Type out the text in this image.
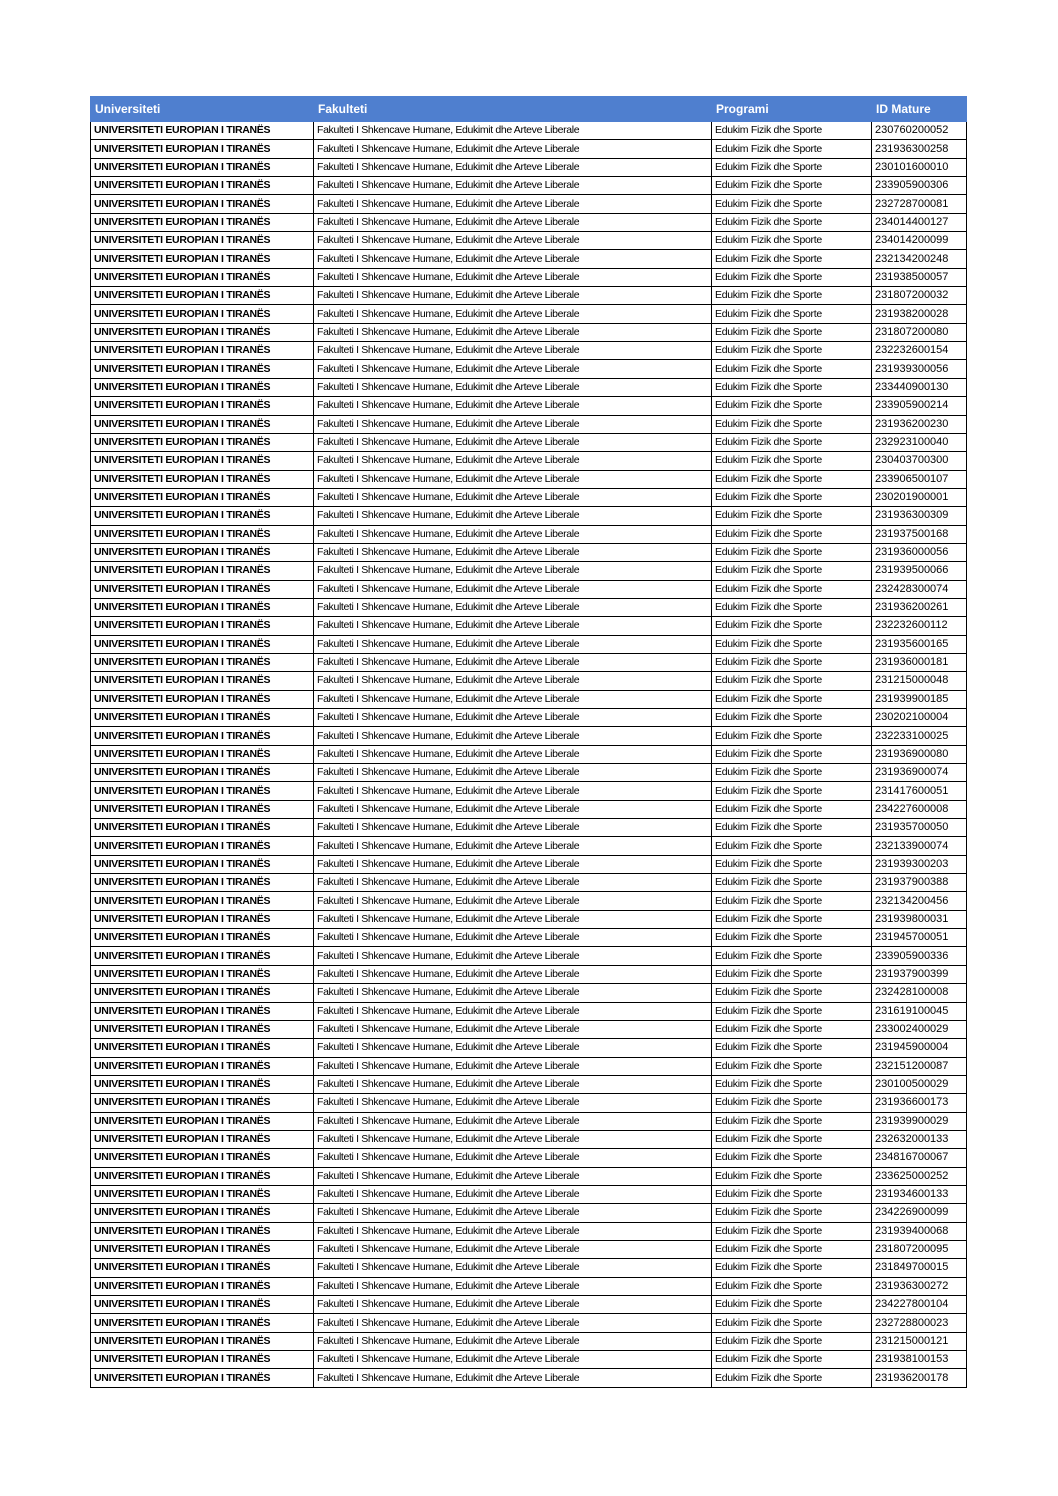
Universiteti	Fakulteti	Programi	ID Mature
UNIVERSITETI EUROPIAN I TIRANËS	Fakulteti I Shkencave Humane, Edukimit dhe Arteve Liberale	Edukim Fizik dhe Sporte	230760200052
UNIVERSITETI EUROPIAN I TIRANËS	Fakulteti I Shkencave Humane, Edukimit dhe Arteve Liberale	Edukim Fizik dhe Sporte	231936300258
UNIVERSITETI EUROPIAN I TIRANËS	Fakulteti I Shkencave Humane, Edukimit dhe Arteve Liberale	Edukim Fizik dhe Sporte	230101600010
UNIVERSITETI EUROPIAN I TIRANËS	Fakulteti I Shkencave Humane, Edukimit dhe Arteve Liberale	Edukim Fizik dhe Sporte	233905900306
UNIVERSITETI EUROPIAN I TIRANËS	Fakulteti I Shkencave Humane, Edukimit dhe Arteve Liberale	Edukim Fizik dhe Sporte	232728700081
UNIVERSITETI EUROPIAN I TIRANËS	Fakulteti I Shkencave Humane, Edukimit dhe Arteve Liberale	Edukim Fizik dhe Sporte	234014400127
UNIVERSITETI EUROPIAN I TIRANËS	Fakulteti I Shkencave Humane, Edukimit dhe Arteve Liberale	Edukim Fizik dhe Sporte	234014200099
UNIVERSITETI EUROPIAN I TIRANËS	Fakulteti I Shkencave Humane, Edukimit dhe Arteve Liberale	Edukim Fizik dhe Sporte	232134200248
UNIVERSITETI EUROPIAN I TIRANËS	Fakulteti I Shkencave Humane, Edukimit dhe Arteve Liberale	Edukim Fizik dhe Sporte	231938500057
UNIVERSITETI EUROPIAN I TIRANËS	Fakulteti I Shkencave Humane, Edukimit dhe Arteve Liberale	Edukim Fizik dhe Sporte	231807200032
UNIVERSITETI EUROPIAN I TIRANËS	Fakulteti I Shkencave Humane, Edukimit dhe Arteve Liberale	Edukim Fizik dhe Sporte	231938200028
UNIVERSITETI EUROPIAN I TIRANËS	Fakulteti I Shkencave Humane, Edukimit dhe Arteve Liberale	Edukim Fizik dhe Sporte	231807200080
UNIVERSITETI EUROPIAN I TIRANËS	Fakulteti I Shkencave Humane, Edukimit dhe Arteve Liberale	Edukim Fizik dhe Sporte	232232600154
UNIVERSITETI EUROPIAN I TIRANËS	Fakulteti I Shkencave Humane, Edukimit dhe Arteve Liberale	Edukim Fizik dhe Sporte	231939300056
UNIVERSITETI EUROPIAN I TIRANËS	Fakulteti I Shkencave Humane, Edukimit dhe Arteve Liberale	Edukim Fizik dhe Sporte	233440900130
UNIVERSITETI EUROPIAN I TIRANËS	Fakulteti I Shkencave Humane, Edukimit dhe Arteve Liberale	Edukim Fizik dhe Sporte	233905900214
UNIVERSITETI EUROPIAN I TIRANËS	Fakulteti I Shkencave Humane, Edukimit dhe Arteve Liberale	Edukim Fizik dhe Sporte	231936200230
UNIVERSITETI EUROPIAN I TIRANËS	Fakulteti I Shkencave Humane, Edukimit dhe Arteve Liberale	Edukim Fizik dhe Sporte	232923100040
UNIVERSITETI EUROPIAN I TIRANËS	Fakulteti I Shkencave Humane, Edukimit dhe Arteve Liberale	Edukim Fizik dhe Sporte	230403700300
UNIVERSITETI EUROPIAN I TIRANËS	Fakulteti I Shkencave Humane, Edukimit dhe Arteve Liberale	Edukim Fizik dhe Sporte	233906500107
UNIVERSITETI EUROPIAN I TIRANËS	Fakulteti I Shkencave Humane, Edukimit dhe Arteve Liberale	Edukim Fizik dhe Sporte	230201900001
UNIVERSITETI EUROPIAN I TIRANËS	Fakulteti I Shkencave Humane, Edukimit dhe Arteve Liberale	Edukim Fizik dhe Sporte	231936300309
UNIVERSITETI EUROPIAN I TIRANËS	Fakulteti I Shkencave Humane, Edukimit dhe Arteve Liberale	Edukim Fizik dhe Sporte	231937500168
UNIVERSITETI EUROPIAN I TIRANËS	Fakulteti I Shkencave Humane, Edukimit dhe Arteve Liberale	Edukim Fizik dhe Sporte	231936000056
UNIVERSITETI EUROPIAN I TIRANËS	Fakulteti I Shkencave Humane, Edukimit dhe Arteve Liberale	Edukim Fizik dhe Sporte	231939500066
UNIVERSITETI EUROPIAN I TIRANËS	Fakulteti I Shkencave Humane, Edukimit dhe Arteve Liberale	Edukim Fizik dhe Sporte	232428300074
UNIVERSITETI EUROPIAN I TIRANËS	Fakulteti I Shkencave Humane, Edukimit dhe Arteve Liberale	Edukim Fizik dhe Sporte	231936200261
UNIVERSITETI EUROPIAN I TIRANËS	Fakulteti I Shkencave Humane, Edukimit dhe Arteve Liberale	Edukim Fizik dhe Sporte	232232600112
UNIVERSITETI EUROPIAN I TIRANËS	Fakulteti I Shkencave Humane, Edukimit dhe Arteve Liberale	Edukim Fizik dhe Sporte	231935600165
UNIVERSITETI EUROPIAN I TIRANËS	Fakulteti I Shkencave Humane, Edukimit dhe Arteve Liberale	Edukim Fizik dhe Sporte	231936000181
UNIVERSITETI EUROPIAN I TIRANËS	Fakulteti I Shkencave Humane, Edukimit dhe Arteve Liberale	Edukim Fizik dhe Sporte	231215000048
UNIVERSITETI EUROPIAN I TIRANËS	Fakulteti I Shkencave Humane, Edukimit dhe Arteve Liberale	Edukim Fizik dhe Sporte	231939900185
UNIVERSITETI EUROPIAN I TIRANËS	Fakulteti I Shkencave Humane, Edukimit dhe Arteve Liberale	Edukim Fizik dhe Sporte	230202100004
UNIVERSITETI EUROPIAN I TIRANËS	Fakulteti I Shkencave Humane, Edukimit dhe Arteve Liberale	Edukim Fizik dhe Sporte	232233100025
UNIVERSITETI EUROPIAN I TIRANËS	Fakulteti I Shkencave Humane, Edukimit dhe Arteve Liberale	Edukim Fizik dhe Sporte	231936900080
UNIVERSITETI EUROPIAN I TIRANËS	Fakulteti I Shkencave Humane, Edukimit dhe Arteve Liberale	Edukim Fizik dhe Sporte	231936900074
UNIVERSITETI EUROPIAN I TIRANËS	Fakulteti I Shkencave Humane, Edukimit dhe Arteve Liberale	Edukim Fizik dhe Sporte	231417600051
UNIVERSITETI EUROPIAN I TIRANËS	Fakulteti I Shkencave Humane, Edukimit dhe Arteve Liberale	Edukim Fizik dhe Sporte	234227600008
UNIVERSITETI EUROPIAN I TIRANËS	Fakulteti I Shkencave Humane, Edukimit dhe Arteve Liberale	Edukim Fizik dhe Sporte	231935700050
UNIVERSITETI EUROPIAN I TIRANËS	Fakulteti I Shkencave Humane, Edukimit dhe Arteve Liberale	Edukim Fizik dhe Sporte	232133900074
UNIVERSITETI EUROPIAN I TIRANËS	Fakulteti I Shkencave Humane, Edukimit dhe Arteve Liberale	Edukim Fizik dhe Sporte	231939300203
UNIVERSITETI EUROPIAN I TIRANËS	Fakulteti I Shkencave Humane, Edukimit dhe Arteve Liberale	Edukim Fizik dhe Sporte	231937900388
UNIVERSITETI EUROPIAN I TIRANËS	Fakulteti I Shkencave Humane, Edukimit dhe Arteve Liberale	Edukim Fizik dhe Sporte	232134200456
UNIVERSITETI EUROPIAN I TIRANËS	Fakulteti I Shkencave Humane, Edukimit dhe Arteve Liberale	Edukim Fizik dhe Sporte	231939800031
UNIVERSITETI EUROPIAN I TIRANËS	Fakulteti I Shkencave Humane, Edukimit dhe Arteve Liberale	Edukim Fizik dhe Sporte	231945700051
UNIVERSITETI EUROPIAN I TIRANËS	Fakulteti I Shkencave Humane, Edukimit dhe Arteve Liberale	Edukim Fizik dhe Sporte	233905900336
UNIVERSITETI EUROPIAN I TIRANËS	Fakulteti I Shkencave Humane, Edukimit dhe Arteve Liberale	Edukim Fizik dhe Sporte	231937900399
UNIVERSITETI EUROPIAN I TIRANËS	Fakulteti I Shkencave Humane, Edukimit dhe Arteve Liberale	Edukim Fizik dhe Sporte	232428100008
UNIVERSITETI EUROPIAN I TIRANËS	Fakulteti I Shkencave Humane, Edukimit dhe Arteve Liberale	Edukim Fizik dhe Sporte	231619100045
UNIVERSITETI EUROPIAN I TIRANËS	Fakulteti I Shkencave Humane, Edukimit dhe Arteve Liberale	Edukim Fizik dhe Sporte	233002400029
UNIVERSITETI EUROPIAN I TIRANËS	Fakulteti I Shkencave Humane, Edukimit dhe Arteve Liberale	Edukim Fizik dhe Sporte	231945900004
UNIVERSITETI EUROPIAN I TIRANËS	Fakulteti I Shkencave Humane, Edukimit dhe Arteve Liberale	Edukim Fizik dhe Sporte	232151200087
UNIVERSITETI EUROPIAN I TIRANËS	Fakulteti I Shkencave Humane, Edukimit dhe Arteve Liberale	Edukim Fizik dhe Sporte	230100500029
UNIVERSITETI EUROPIAN I TIRANËS	Fakulteti I Shkencave Humane, Edukimit dhe Arteve Liberale	Edukim Fizik dhe Sporte	231936600173
UNIVERSITETI EUROPIAN I TIRANËS	Fakulteti I Shkencave Humane, Edukimit dhe Arteve Liberale	Edukim Fizik dhe Sporte	231939900029
UNIVERSITETI EUROPIAN I TIRANËS	Fakulteti I Shkencave Humane, Edukimit dhe Arteve Liberale	Edukim Fizik dhe Sporte	232632000133
UNIVERSITETI EUROPIAN I TIRANËS	Fakulteti I Shkencave Humane, Edukimit dhe Arteve Liberale	Edukim Fizik dhe Sporte	234816700067
UNIVERSITETI EUROPIAN I TIRANËS	Fakulteti I Shkencave Humane, Edukimit dhe Arteve Liberale	Edukim Fizik dhe Sporte	233625000252
UNIVERSITETI EUROPIAN I TIRANËS	Fakulteti I Shkencave Humane, Edukimit dhe Arteve Liberale	Edukim Fizik dhe Sporte	231934600133
UNIVERSITETI EUROPIAN I TIRANËS	Fakulteti I Shkencave Humane, Edukimit dhe Arteve Liberale	Edukim Fizik dhe Sporte	234226900099
UNIVERSITETI EUROPIAN I TIRANËS	Fakulteti I Shkencave Humane, Edukimit dhe Arteve Liberale	Edukim Fizik dhe Sporte	231939400068
UNIVERSITETI EUROPIAN I TIRANËS	Fakulteti I Shkencave Humane, Edukimit dhe Arteve Liberale	Edukim Fizik dhe Sporte	231807200095
UNIVERSITETI EUROPIAN I TIRANËS	Fakulteti I Shkencave Humane, Edukimit dhe Arteve Liberale	Edukim Fizik dhe Sporte	231849700015
UNIVERSITETI EUROPIAN I TIRANËS	Fakulteti I Shkencave Humane, Edukimit dhe Arteve Liberale	Edukim Fizik dhe Sporte	231936300272
UNIVERSITETI EUROPIAN I TIRANËS	Fakulteti I Shkencave Humane, Edukimit dhe Arteve Liberale	Edukim Fizik dhe Sporte	234227800104
UNIVERSITETI EUROPIAN I TIRANËS	Fakulteti I Shkencave Humane, Edukimit dhe Arteve Liberale	Edukim Fizik dhe Sporte	232728800023
UNIVERSITETI EUROPIAN I TIRANËS	Fakulteti I Shkencave Humane, Edukimit dhe Arteve Liberale	Edukim Fizik dhe Sporte	231215000121
UNIVERSITETI EUROPIAN I TIRANËS	Fakulteti I Shkencave Humane, Edukimit dhe Arteve Liberale	Edukim Fizik dhe Sporte	231938100153
UNIVERSITETI EUROPIAN I TIRANËS	Fakulteti I Shkencave Humane, Edukimit dhe Arteve Liberale	Edukim Fizik dhe Sporte	231936200178
